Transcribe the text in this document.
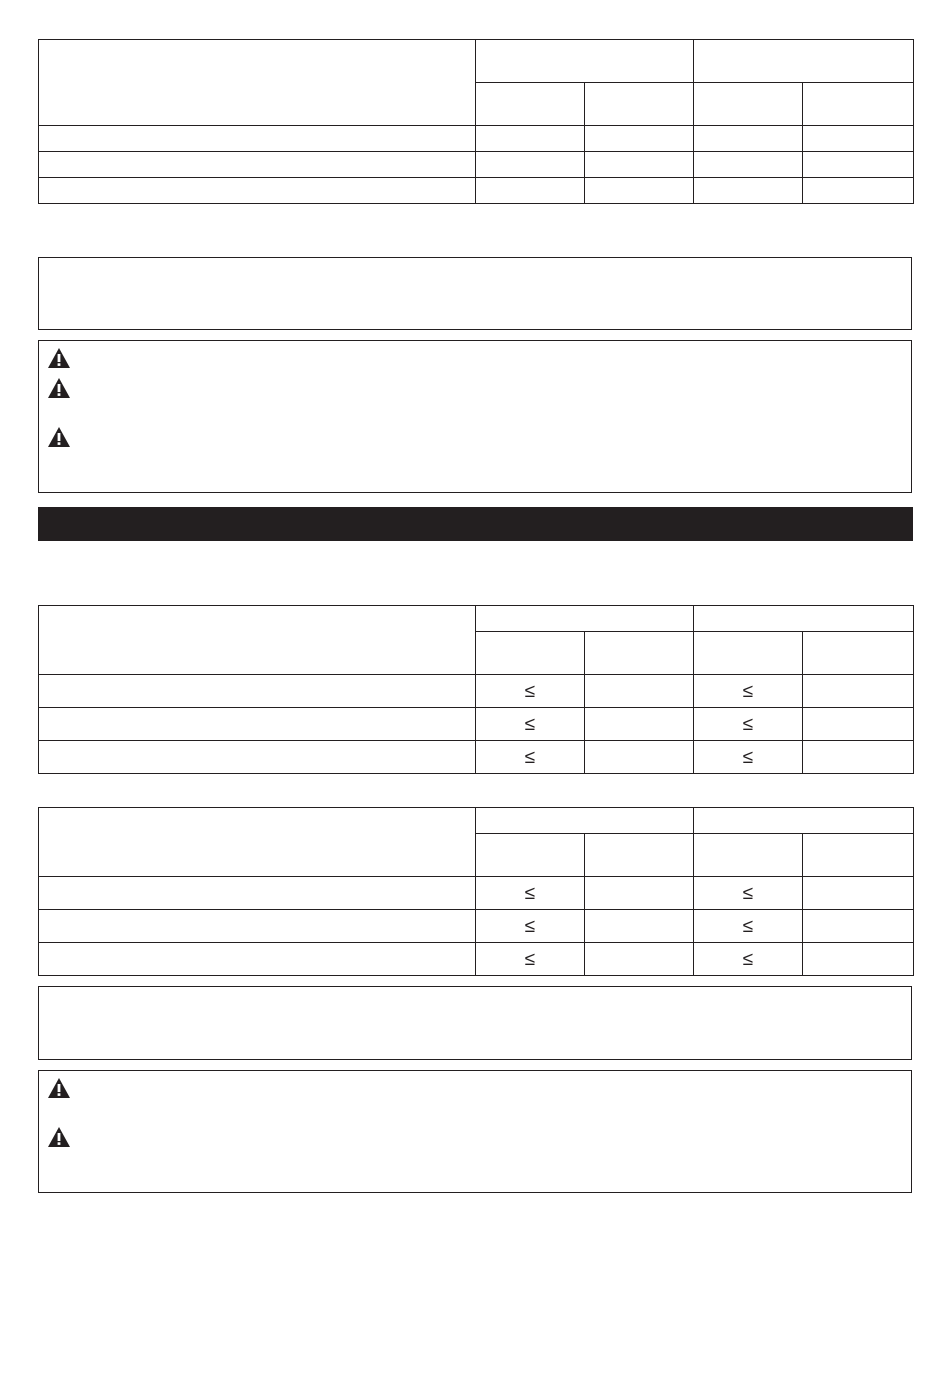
	≤		≤	
	≤		≤	
	≤		≤	

	≤		≤	
	≤		≤	
	≤		≤	
